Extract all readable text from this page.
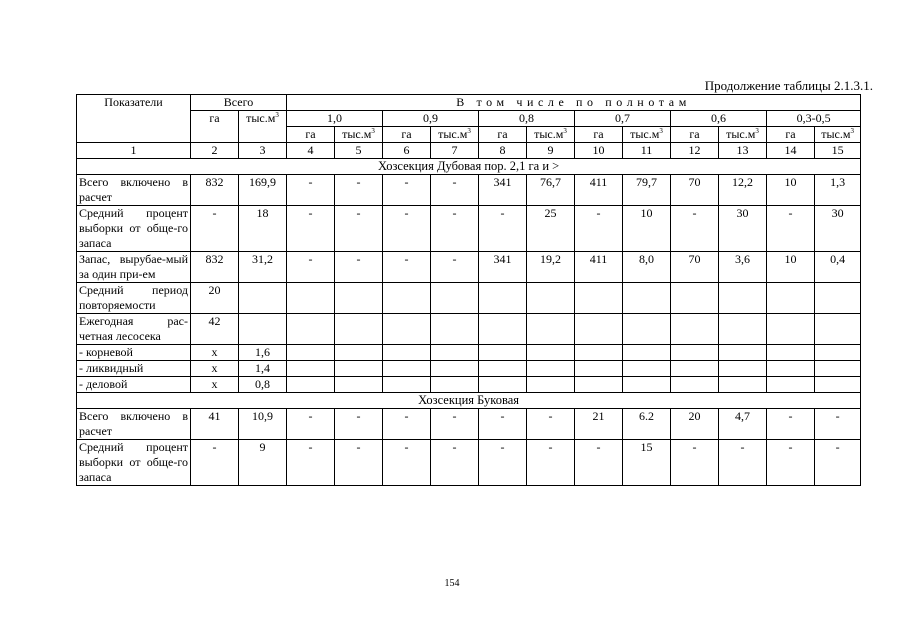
Продолжение таблицы 2.1.3.1.
Показатели	Всего		В том числе по полнотам											
	га	$тыс.м^3$	1,0		0,9		0,8		0,7		0,6		0,3-0,5	
			га	$тыс.м^3$	га	$тыс.м^3$	га	$тыс.м^3$	га	$тыс.м^3$	га	$тыс.м^3$	га	$тыс.м^3$
1	2	3	4	5	6	7	8	9	10	11	12	13	14	15
Хозсекция Дубовая пор. 2,1 га и >														
Всего включено в расчет	832	169,9	-	-	-	-	341	76,7	411	79,7	70	12,2	10	1,3
Средний процент выборки от обще-го запаса	-	18	-	-	-	-	-	25	-	10	-	30	-	30
Запас, вырубае-мый за один при-ем	832	31,2	-	-	-	-	341	19,2	411	8,0	70	3,6	10	0,4
Средний период повторяемости	20													
Ежегодная рас-четная лесосека	42													
- корневой	х	1,6												
- ликвидный	х	1,4												
- деловой	х	0,8												
Хозсекция Буковая														
Всего включено в расчет	41	10,9	-	-	-	-	-	-	21	6.2	20	4,7	-	-
Средний процент выборки от обще-го запаса	-	9	-	-	-	-	-	-	-	15	-	-	-	-
154
